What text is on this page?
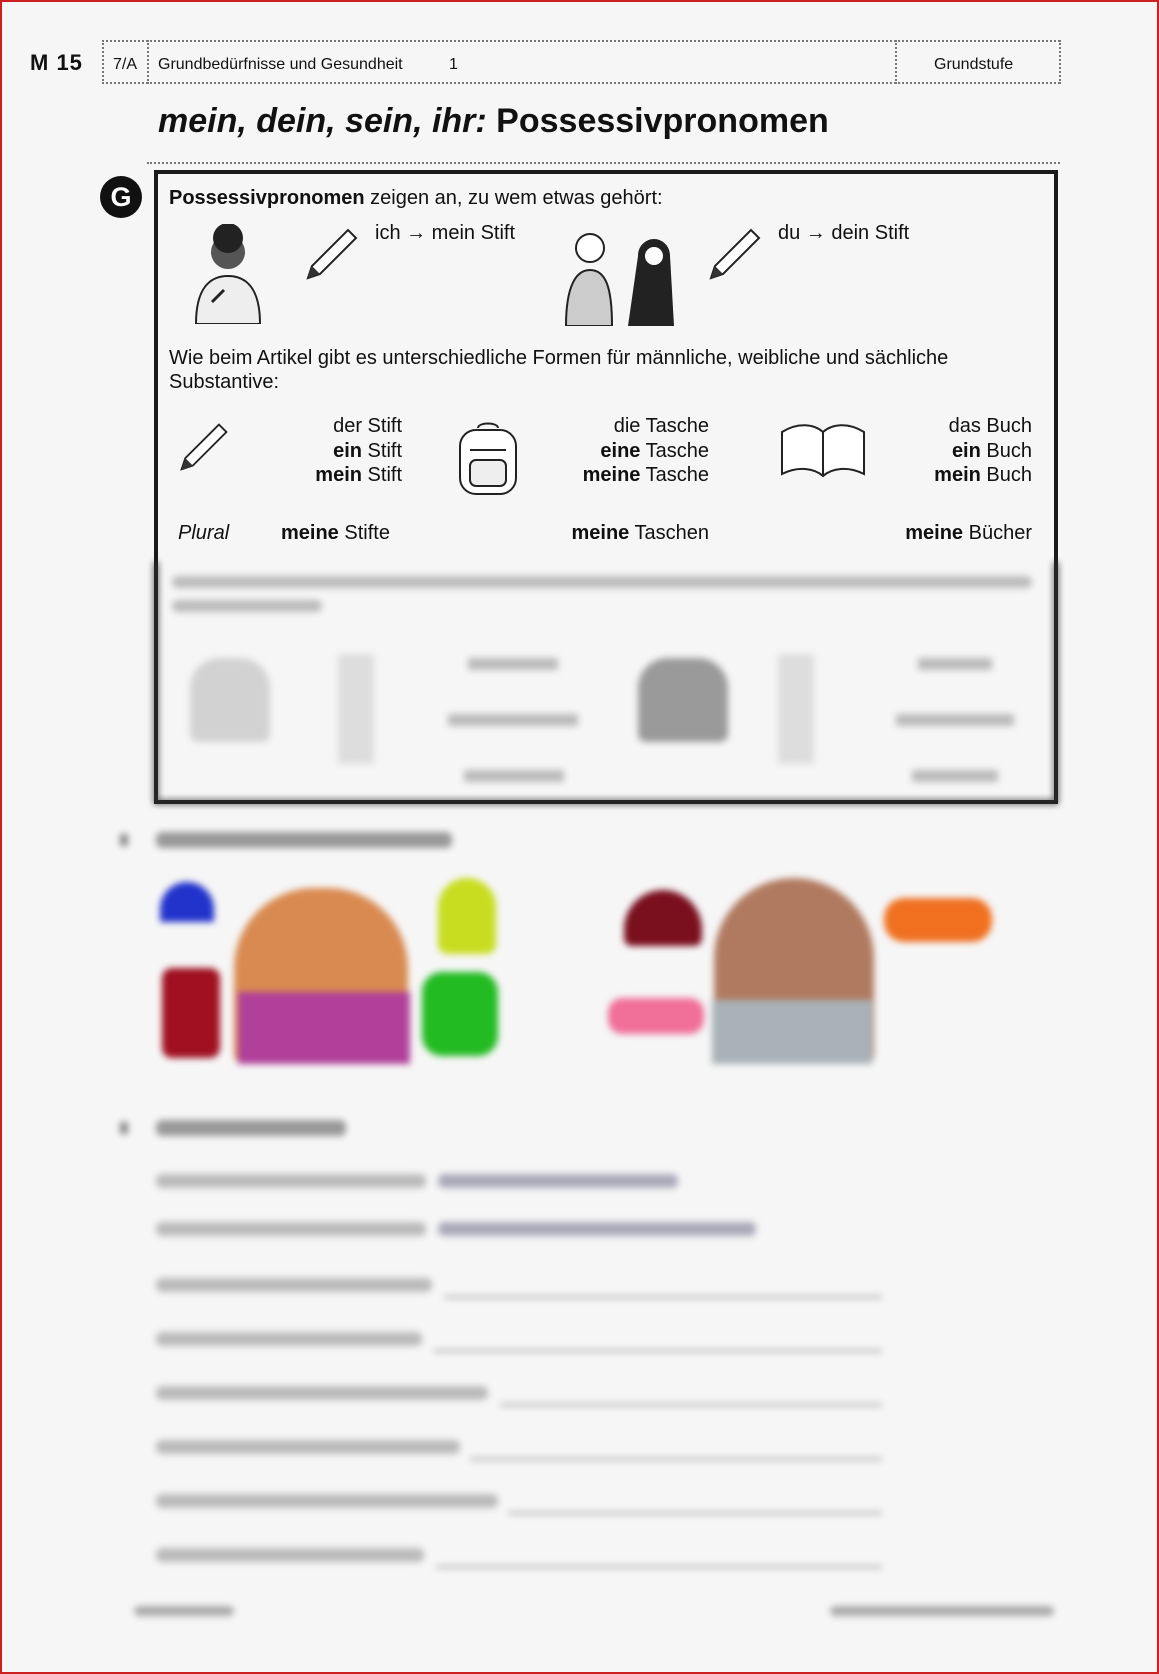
M 15 7/A Grundbedürfnisse und Gesundheit	1	Grundstufe
mein, dein, sein, ihr: Possessivpronomen
G	Possessivpronomen zeigen an, zu wem etwas gehört:
ich → mein Stift	du → dein Stift
Wie beim Artikel gibt es unterschiedliche Formen für männliche, weibliche und sächliche
Substantive:
der Stift
ein Stift
mein Stift
die Tasche
eine Tasche
meine Tasche
das Buch
ein Buch
mein Buch
Plural	meine Stifte	meine Taschen	meine Bücher
